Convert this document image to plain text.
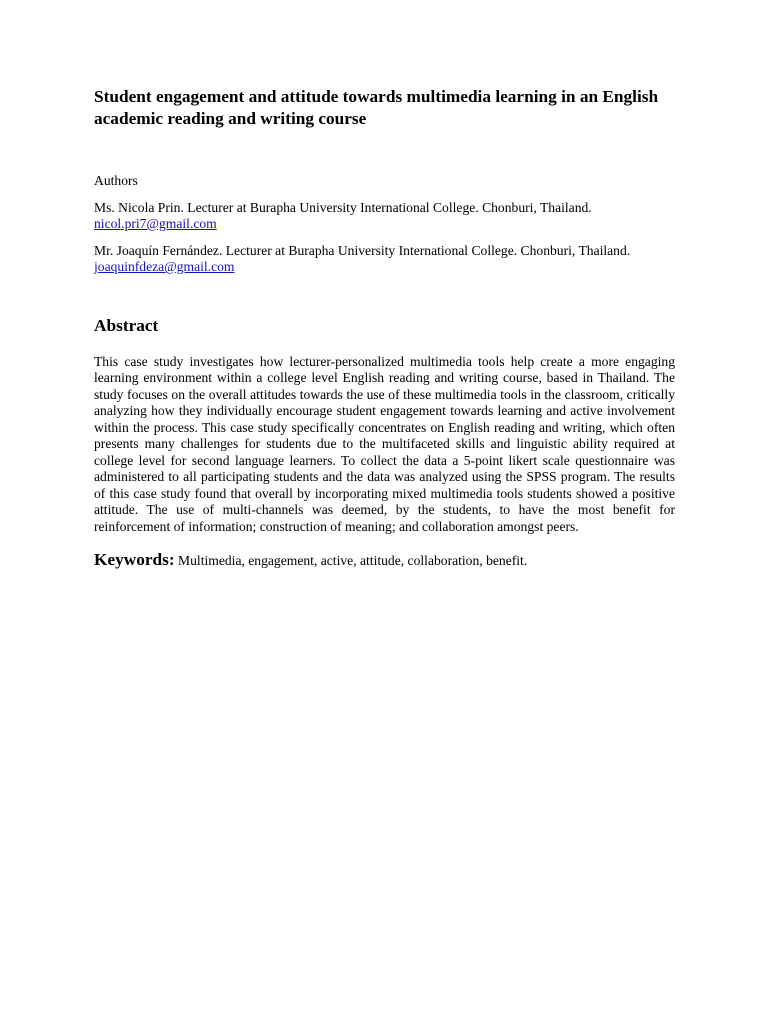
Student engagement and attitude towards multimedia learning in an English academic reading and writing course
Authors
Ms. Nicola Prin. Lecturer at Burapha University International College. Chonburi, Thailand.
nicol.pri7@gmail.com
Mr. Joaquín Fernández. Lecturer at Burapha University International College. Chonburi, Thailand.
joaquinfdeza@gmail.com
Abstract

This case study investigates how lecturer-personalized multimedia tools help create a more engaging learning environment within a college level English reading and writing course, based in Thailand. The study focuses on the overall attitudes towards the use of these multimedia tools in the classroom, critically analyzing how they individually encourage student engagement towards learning and active involvement within the process. This case study specifically concentrates on English reading and writing, which often presents many challenges for students due to the multifaceted skills and linguistic ability required at college level for second language learners. To collect the data a 5-point likert scale questionnaire was administered to all participating students and the data was analyzed using the SPSS program. The results of this case study found that overall by incorporating mixed multimedia tools students showed a positive attitude. The use of multi-channels was deemed, by the students, to have the most benefit for reinforcement of information; construction of meaning; and collaboration amongst peers.

Keywords: Multimedia, engagement, active, attitude, collaboration, benefit.
